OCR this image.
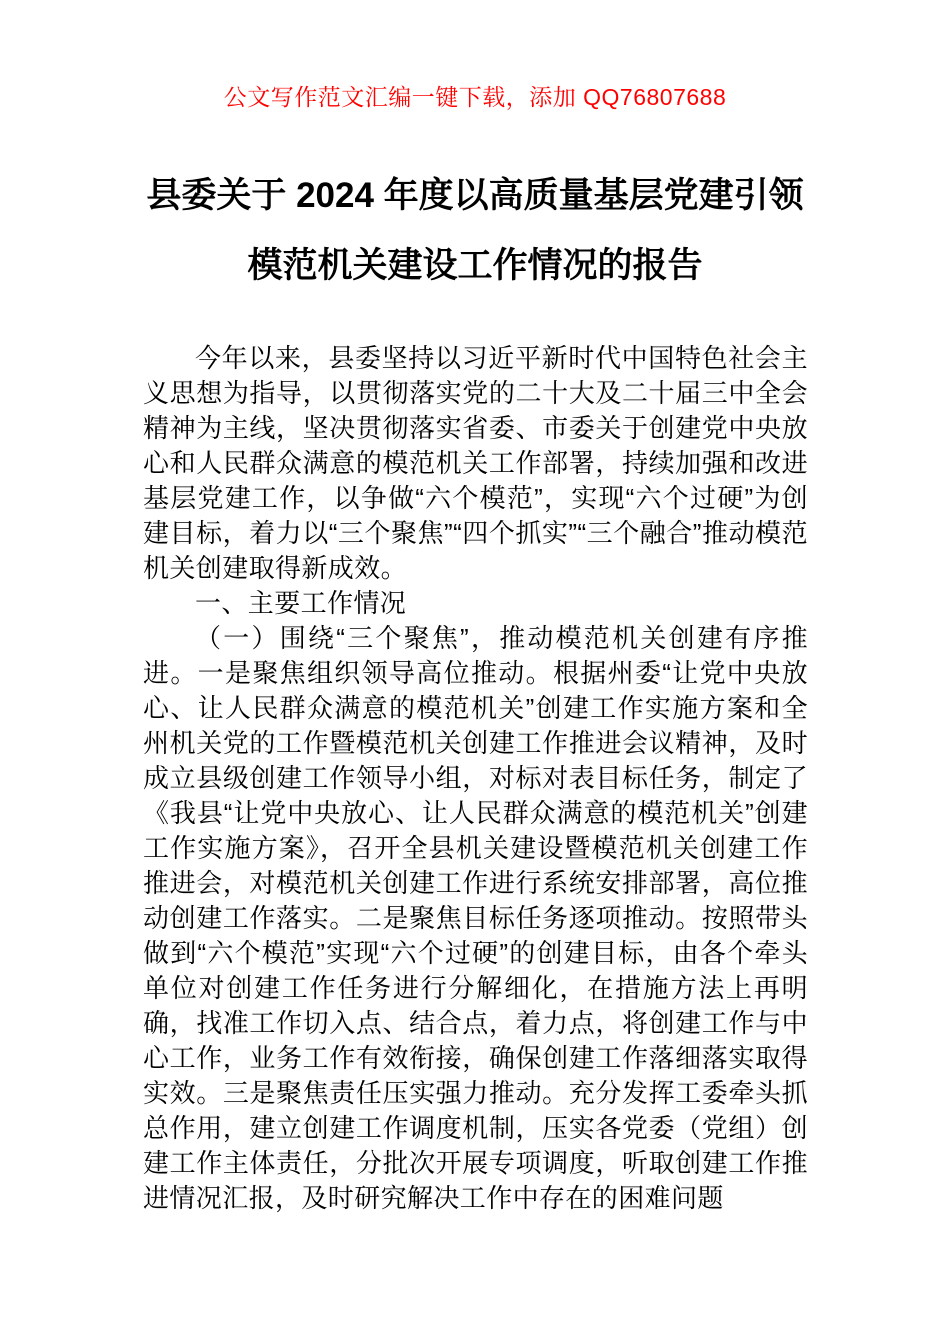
公文写作范文汇编一键下载，添加 QQ76807688
县委关于 2024 年度以高质量基层党建引领
模范机关建设工作情况的报告

今年以来，县委坚持以习近平新时代中国特色社会主义思想为指导，以贯彻落实党的二十大及二十届三中全会精神为主线，坚决贯彻落实省委、市委关于创建党中央放心和人民群众满意的模范机关工作部署，持续加强和改进基层党建工作，以争做“六个模范”，实现“六个过硬”为创建目标，着力以“三个聚焦”“四个抓实”“三个融合”推动模范机关创建取得新成效。

一、主要工作情况

（一）围绕“三个聚焦”，推动模范机关创建有序推进。一是聚焦组织领导高位推动。根据州委“让党中央放心、让人民群众满意的模范机关”创建工作实施方案和全州机关党的工作暨模范机关创建工作推进会议精神，及时成立县级创建工作领导小组，对标对表目标任务，制定了《我县“让党中央放心、让人民群众满意的模范机关”创建工作实施方案》，召开全县机关建设暨模范机关创建工作推进会，对模范机关创建工作进行系统安排部署，高位推动创建工作落实。二是聚焦目标任务逐项推动。按照带头做到“六个模范”实现“六个过硬”的创建目标，由各个牵头单位对创建工作任务进行分解细化，在措施方法上再明确，找准工作切入点、结合点，着力点，将创建工作与中心工作，业务工作有效衔接，确保创建工作落细落实取得实效。三是聚焦责任压实强力推动。充分发挥工委牵头抓总作用，建立创建工作调度机制，压实各党委（党组）创建工作主体责任，分批次开展专项调度，听取创建工作推进情况汇报，及时研究解决工作中存在的困难问题
